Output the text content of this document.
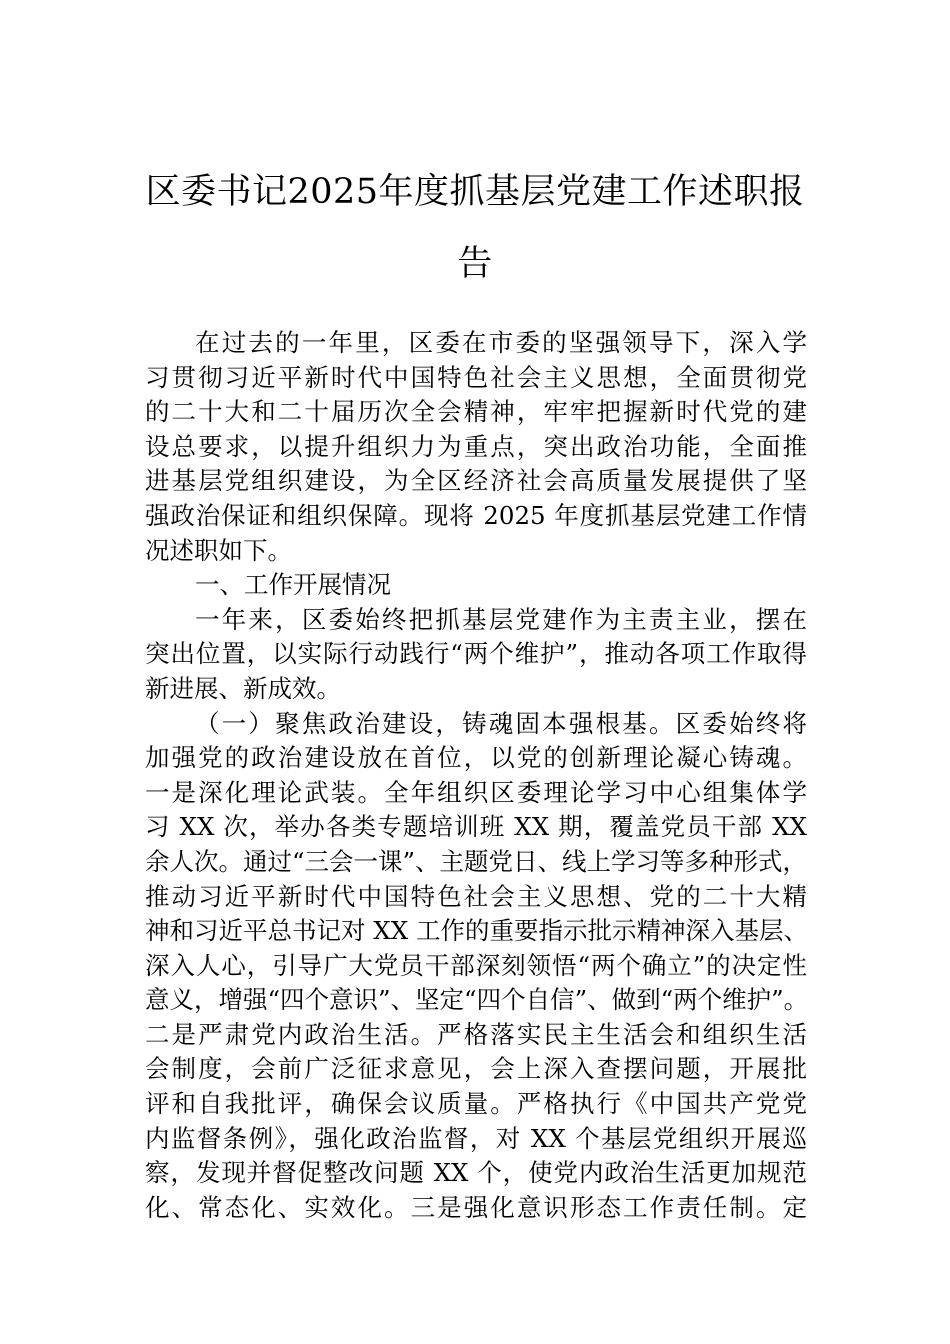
区委书记2025年度抓基层党建工作述职报
告
在过去的一年里，区委在市委的坚强领导下，深入学
习贯彻习近平新时代中国特色社会主义思想，全面贯彻党
的二十大和二十届历次全会精神，牢牢把握新时代党的建
设总要求，以提升组织力为重点，突出政治功能，全面推
进基层党组织建设，为全区经济社会高质量发展提供了坚
强政治保证和组织保障。现将 2025 年度抓基层党建工作情
况述职如下。
一、工作开展情况
一年来，区委始终把抓基层党建作为主责主业，摆在
突出位置，以实际行动践行“两个维护”，推动各项工作取得
新进展、新成效。
（一）聚焦政治建设，铸魂固本强根基。区委始终将
加强党的政治建设放在首位，以党的创新理论凝心铸魂。
一是深化理论武装。全年组织区委理论学习中心组集体学
习 XX 次，举办各类专题培训班 XX 期，覆盖党员干部 XX
余人次。通过“三会一课”、主题党日、线上学习等多种形式，
推动习近平新时代中国特色社会主义思想、党的二十大精
神和习近平总书记对 XX 工作的重要指示批示精神深入基层、
深入人心，引导广大党员干部深刻领悟“两个确立”的决定性
意义，增强“四个意识”、坚定“四个自信”、做到“两个维护”。
二是严肃党内政治生活。严格落实民主生活会和组织生活
会制度，会前广泛征求意见，会上深入查摆问题，开展批
评和自我批评，确保会议质量。严格执行《中国共产党党
内监督条例》，强化政治监督，对 XX 个基层党组织开展巡
察，发现并督促整改问题 XX 个，使党内政治生活更加规范
化、常态化、实效化。三是强化意识形态工作责任制。定
